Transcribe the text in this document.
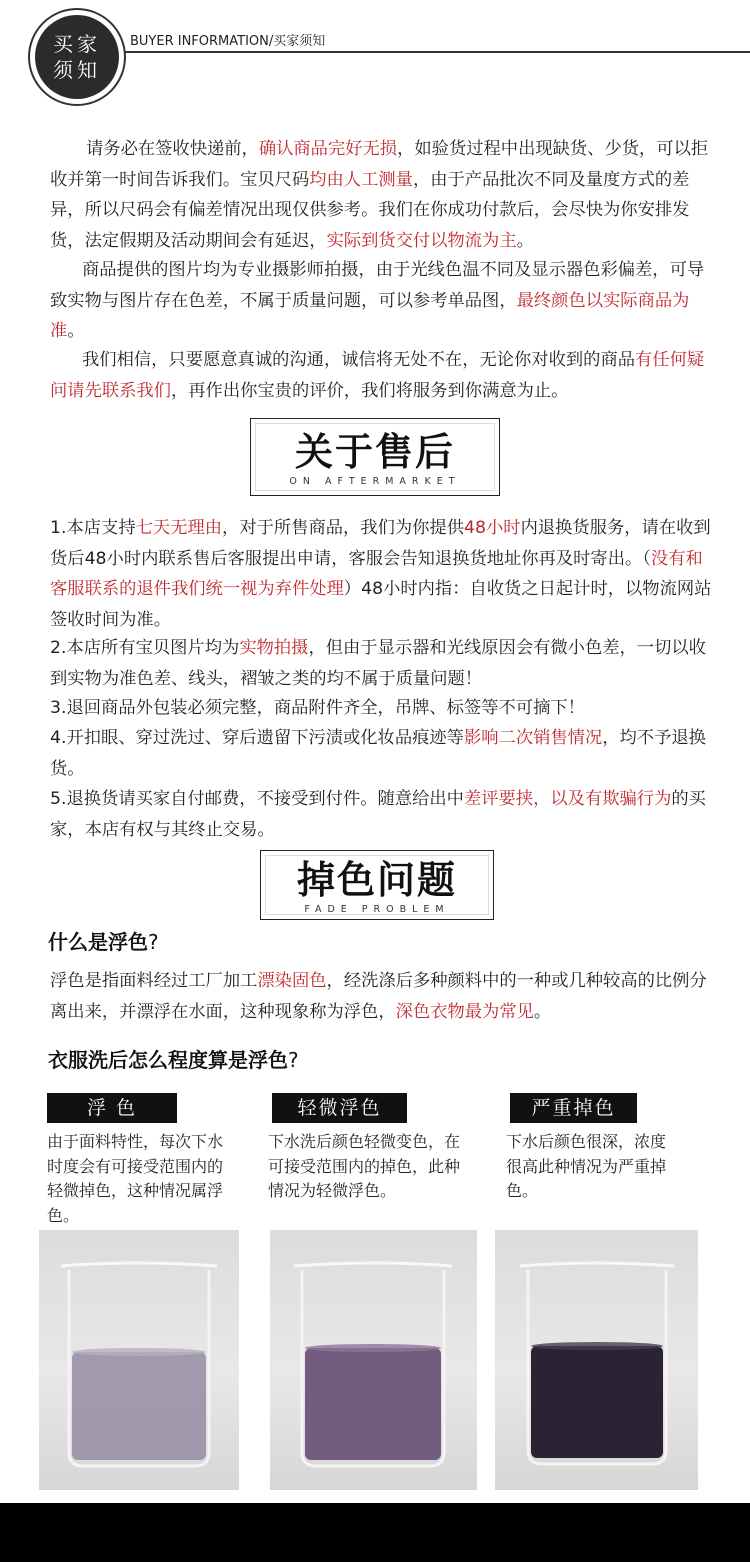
买家
须知
BUYER INFORMATION/买家须知
请务必在签收快递前，确认商品完好无损，如验货过程中出现缺货、少货，可以拒收并第一时间告诉我们。宝贝尺码均由人工测量，由于产品批次不同及量度方式的差异，所以尺码会有偏差情况出现仅供参考。我们在你成功付款后，会尽快为你安排发货，法定假期及活动期间会有延迟，实际到货交付以物流为主。
商品提供的图片均为专业摄影师拍摄，由于光线色温不同及显示器色彩偏差，可导致实物与图片存在色差，不属于质量问题，可以参考单品图，最终颜色以实际商品为准。
我们相信，只要愿意真诚的沟通，诚信将无处不在，无论你对收到的商品有任何疑问请先联系我们，再作出你宝贵的评价，我们将服务到你满意为止。
关于售后
ON AFTERMARKET
1.本店支持七天无理由，对于所售商品，我们为你提供48小时内退换货服务，请在收到货后48小时内联系售后客服提出申请，客服会告知退换货地址你再及时寄出。（没有和客服联系的退件我们统一视为弃件处理）48小时内指：自收货之日起计时，以物流网站签收时间为准。
2.本店所有宝贝图片均为实物拍摄，但由于显示器和光线原因会有微小色差，一切以收到实物为准色差、线头，褶皱之类的均不属于质量问题！
3.退回商品外包装必须完整，商品附件齐全，吊牌、标签等不可摘下！
4.开扣眼、穿过洗过、穿后遗留下污渍或化妆品痕迹等影响二次销售情况，均不予退换货。
5.退换货请买家自付邮费，不接受到付件。随意给出中差评要挟，以及有欺骗行为的买家，本店有权与其终止交易。
掉色问题
FADE PROBLEM
什么是浮色?
浮色是指面料经过工厂加工漂染固色，经洗涤后多种颜料中的一种或几种较高的比例分离出来，并漂浮在水面，这种现象称为浮色，深色衣物最为常见。
衣服洗后怎么程度算是浮色?
浮 色	轻微浮色	严重掉色
由于面料特性，每次下水时度会有可接受范围内的轻微掉色，这种情况属浮色。
下水洗后颜色轻微变色，在可接受范围内的掉色，此种情况为轻微浮色。
下水后颜色很深，浓度很高此种情况为严重掉色。
